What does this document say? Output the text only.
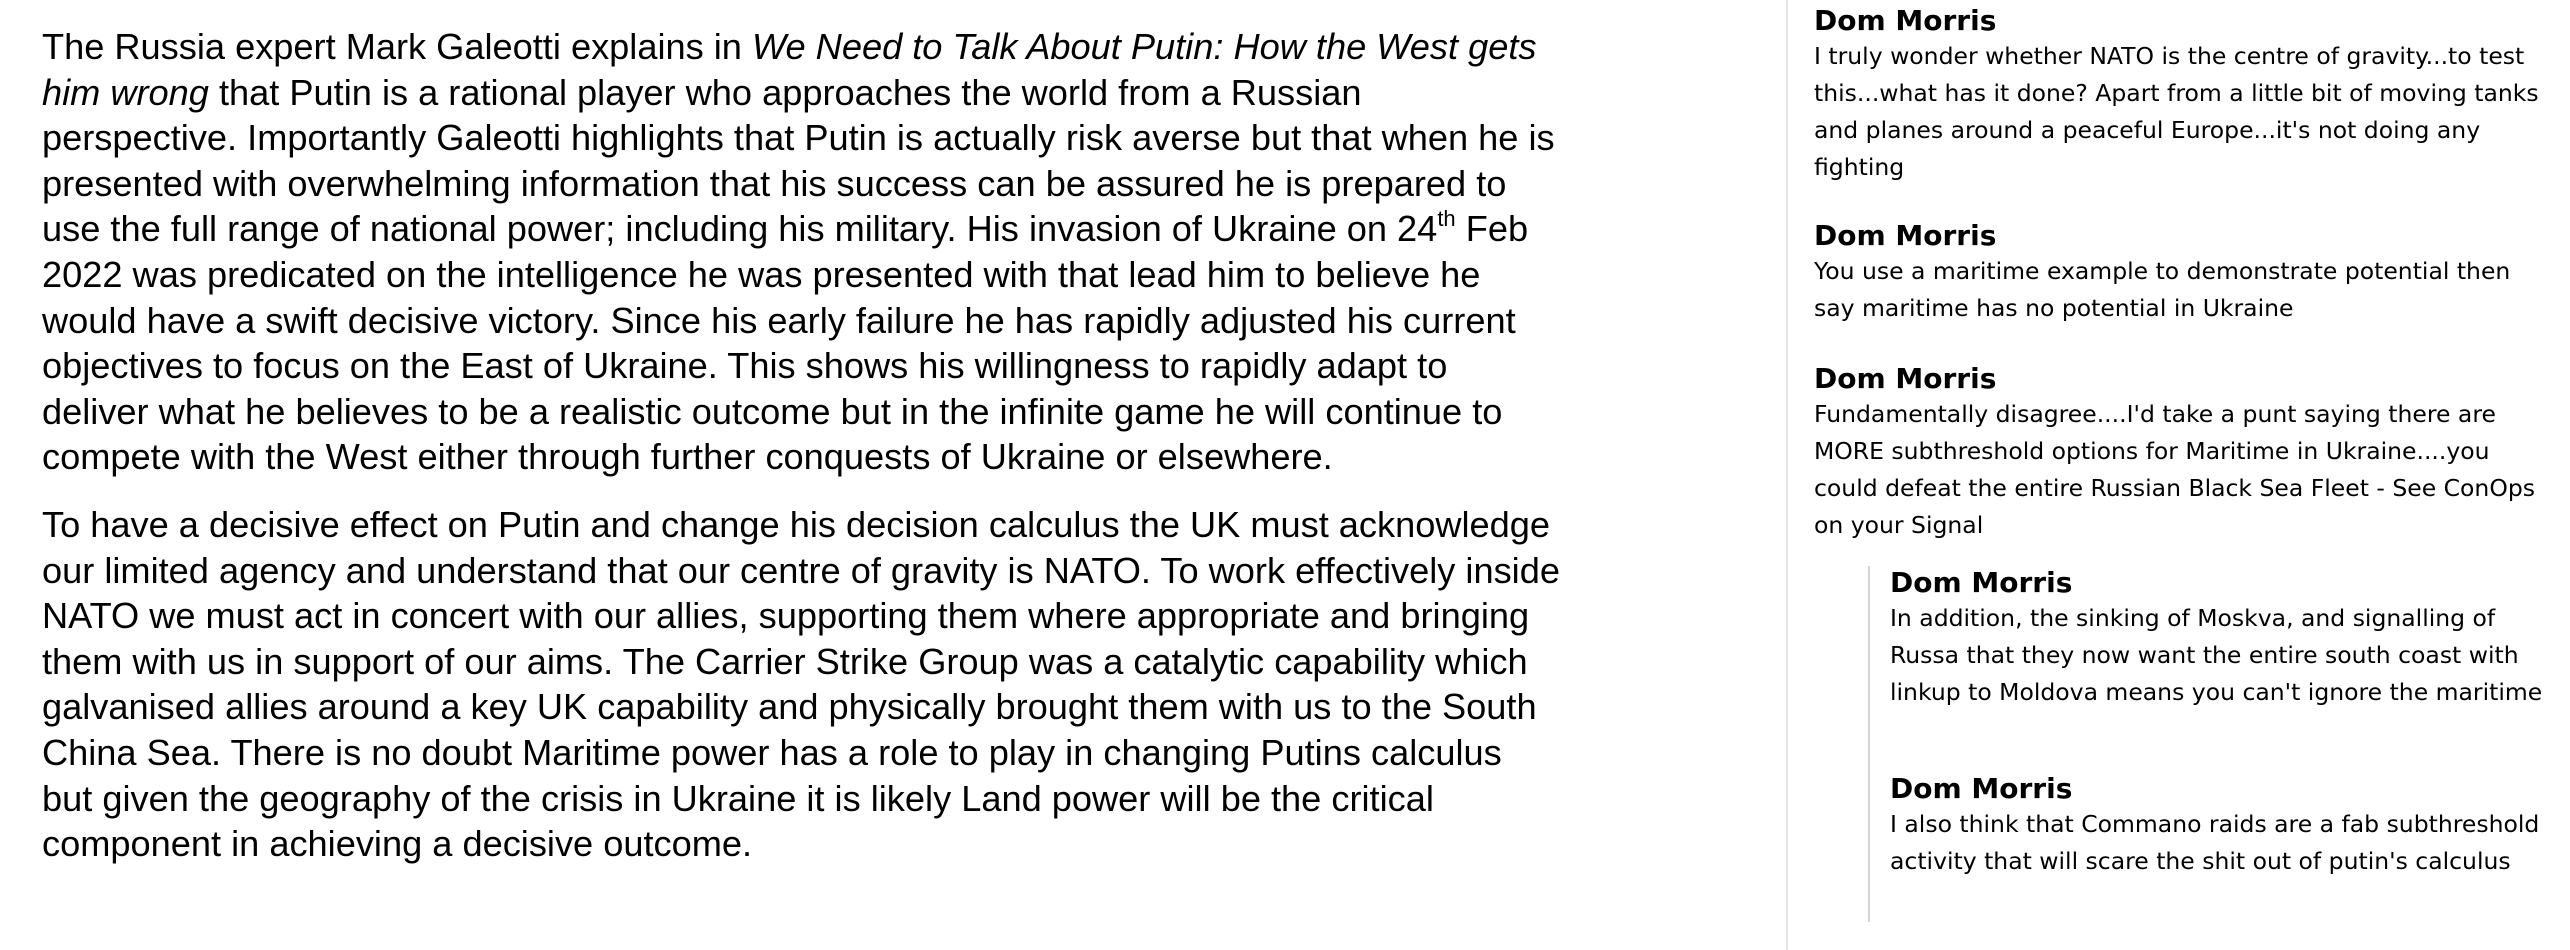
The Russia expert Mark Galeotti explains in We Need to Talk About Putin: How the West gets him wrong that Putin is a rational player who approaches the world from a Russian perspective. Importantly Galeotti highlights that Putin is actually risk averse but that when he is presented with overwhelming information that his success can be assured he is prepared to use the full range of national power; including his military. His invasion of Ukraine on 24th Feb 2022 was predicated on the intelligence he was presented with that lead him to believe he would have a swift decisive victory. Since his early failure he has rapidly adjusted his current objectives to focus on the East of Ukraine. This shows his willingness to rapidly adapt to deliver what he believes to be a realistic outcome but in the infinite game he will continue to compete with the West either through further conquests of Ukraine or elsewhere.

To have a decisive effect on Putin and change his decision calculus the UK must acknowledge our limited agency and understand that our centre of gravity is NATO. To work effectively inside NATO we must act in concert with our allies, supporting them where appropriate and bringing them with us in support of our aims. The Carrier Strike Group was a catalytic capability which galvanised allies around a key UK capability and physically brought them with us to the South China Sea. There is no doubt Maritime power has a role to play in changing Putins calculus but given the geography of the crisis in Ukraine it is likely Land power will be the critical component in achieving a decisive outcome.

Dom Morris

I truly wonder whether NATO is the centre of gravity...to test this...what has it done? Apart from a little bit of moving tanks and planes around a peaceful Europe...it's not doing any fighting

Dom Morris

You use a maritime example to demonstrate potential then say maritime has no potential in Ukraine

Dom Morris

Fundamentally disagree....I'd take a punt saying there are MORE subthreshold options for Maritime in Ukraine....you could defeat the entire Russian Black Sea Fleet - See ConOps on your Signal

Dom Morris

In addition, the sinking of Moskva, and signalling of Russa that they now want the entire south coast with linkup to Moldova means you can't ignore the maritime

Dom Morris

I also think that Commano raids are a fab subthreshold activity that will scare the shit out of putin's calculus
